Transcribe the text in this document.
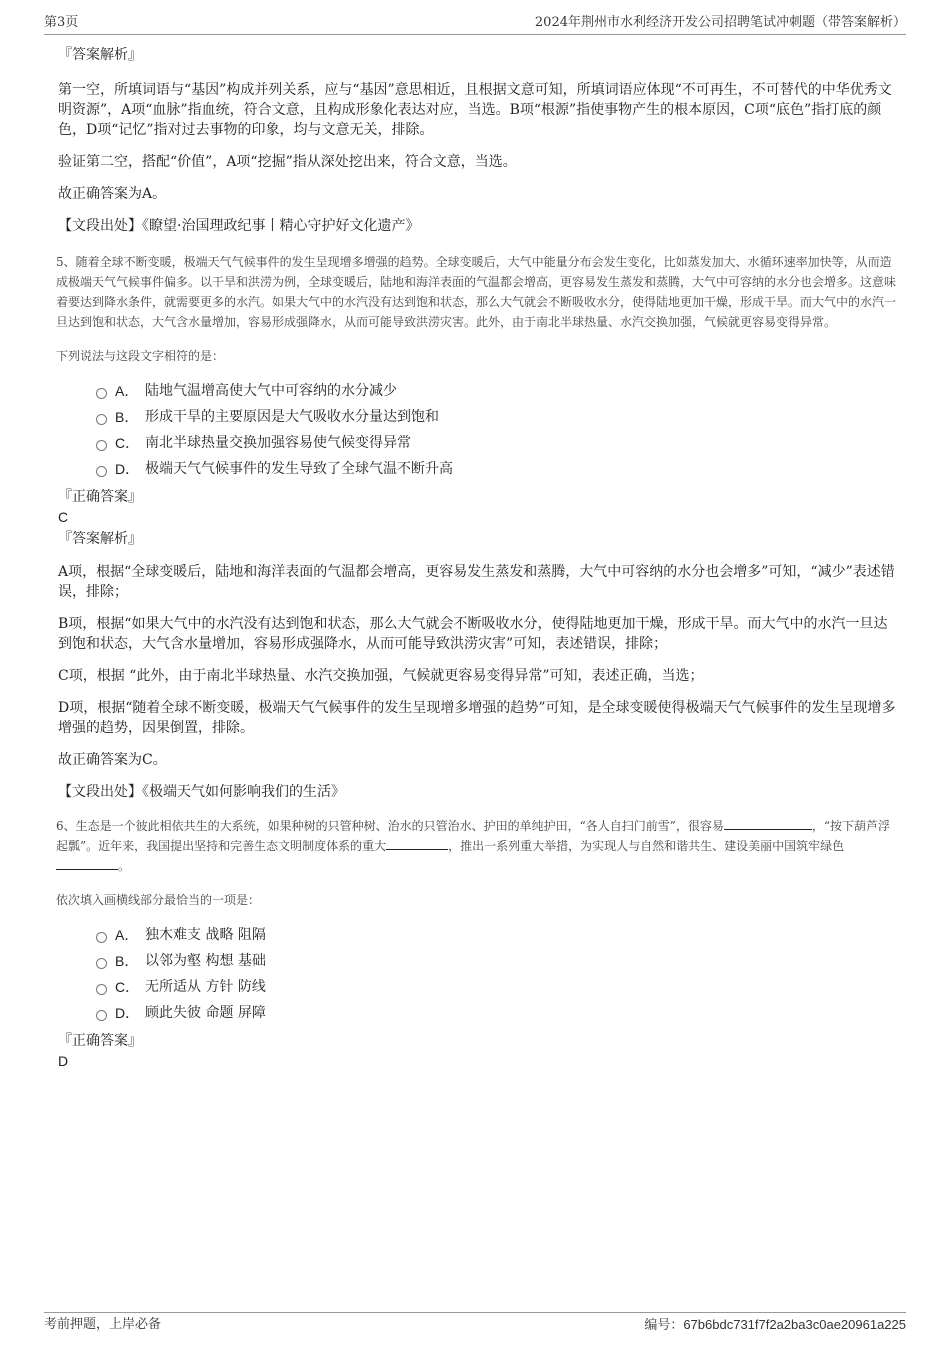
第3页	2024年荆州市水利经济开发公司招聘笔试冲刺题（带答案解析）

『答案解析』

第一空，所填词语与“基因”构成并列关系，应与“基因”意思相近，且根据文意可知，所填词语应体现“不可再生，不可替代的中华优秀文明资源”，A项“血脉”指血统，符合文意，且构成形象化表达对应，当选。B项“根源”指使事物产生的根本原因，C项“底色”指打底的颜色，D项“记忆”指对过去事物的印象，均与文意无关，排除。

验证第二空，搭配“价值”，A项“挖掘”指从深处挖出来，符合文意，当选。

故正确答案为A。

【文段出处】《瞭望·治国理政纪事丨精心守护好文化遗产》

5、随着全球不断变暖，极端天气气候事件的发生呈现增多增强的趋势。全球变暖后，大气中能量分布会发生变化，比如蒸发加大、水循环速率加快等，从而造成极端天气气候事件偏多。以干旱和洪涝为例，全球变暖后，陆地和海洋表面的气温都会增高，更容易发生蒸发和蒸腾，大气中可容纳的水分也会增多。这意味着要达到降水条件，就需要更多的水汽。如果大气中的水汽没有达到饱和状态，那么大气就会不断吸收水分，使得陆地更加干燥，形成干旱。而大气中的水汽一旦达到饱和状态，大气含水量增加，容易形成强降水，从而可能导致洪涝灾害。此外，由于南北半球热量、水汽交换加强，气候就更容易变得异常。

下列说法与这段文字相符的是：

A． 陆地气温增高使大气中可容纳的水分减少
B． 形成干旱的主要原因是大气吸收水分量达到饱和
C． 南北半球热量交换加强容易使气候变得异常
D． 极端天气气候事件的发生导致了全球气温不断升高

『正确答案』

C

『答案解析』

A项，根据“全球变暖后，陆地和海洋表面的气温都会增高，更容易发生蒸发和蒸腾，大气中可容纳的水分也会增多”可知，“减少”表述错误，排除；

B项，根据“如果大气中的水汽没有达到饱和状态，那么大气就会不断吸收水分，使得陆地更加干燥，形成干旱。而大气中的水汽一旦达到饱和状态，大气含水量增加，容易形成强降水，从而可能导致洪涝灾害”可知，表述错误，排除；

C项，根据 “此外，由于南北半球热量、水汽交换加强，气候就更容易变得异常”可知，表述正确，当选；

D项，根据“随着全球不断变暖，极端天气气候事件的发生呈现增多增强的趋势”可知，是全球变暖使得极端天气气候事件的发生呈现增多增强的趋势，因果倒置，排除。

故正确答案为C。

【文段出处】《极端天气如何影响我们的生活》

6、生态是一个彼此相依共生的大系统，如果种树的只管种树、治水的只管治水、护田的单纯护田，“各人自扫门前雪”，很容易	，“按下葫芦浮起瓢”。近年来，我国提出坚持和完善生态文明制度体系的重大	，推出一系列重大举措，为实现人与自然和谐共生、建设美丽中国筑牢绿色。

依次填入画横线部分最恰当的一项是：

A． 独木难支 战略 阻隔
B． 以邻为壑 构想 基础
C． 无所适从 方针 防线
D． 顾此失彼 命题 屏障

『正确答案』

D
考前押题，上岸必备	编号：67b6bdc731f7f2a2ba3c0ae20961a225
